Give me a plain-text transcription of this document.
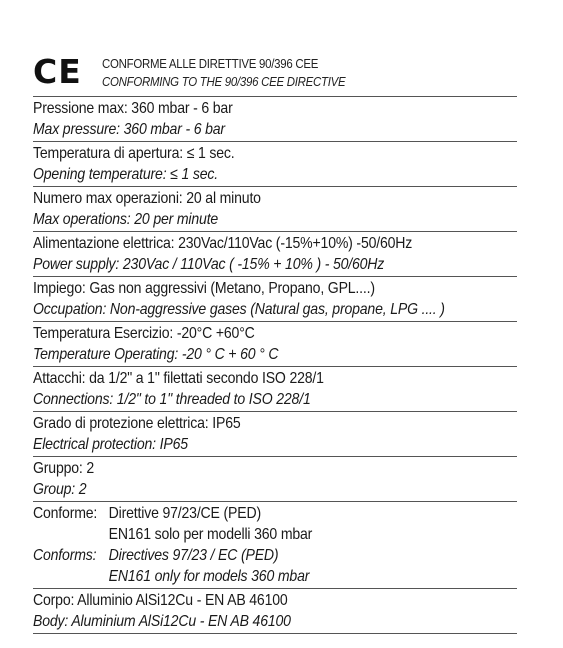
CE CONFORME ALLE DIRETTIVE 90/396 CEE
CONFORMING TO THE 90/396 CEE DIRECTIVE
Pressione max: 360 mbar - 6 bar
Max pressure: 360 mbar - 6 bar
Temperatura di apertura: ≤ 1 sec.
Opening temperature: ≤ 1 sec.
Numero max operazioni: 20 al minuto
Max operations: 20 per minute
Alimentazione elettrica: 230Vac/110Vac (-15%+10%) -50/60Hz
Power supply: 230Vac / 110Vac ( -15% + 10% ) - 50/60Hz
Impiego: Gas non aggressivi (Metano, Propano, GPL....)
Occupation: Non-aggressive gases (Natural gas, propane, LPG .... )
Temperatura Esercizio: -20°C +60°C
Temperature Operating: -20 ° C + 60 ° C
Attacchi: da 1/2" a 1" filettati secondo ISO 228/1
Connections: 1/2" to 1" threaded to ISO 228/1
Grado di protezione elettrica: IP65
Electrical protection: IP65
Gruppo: 2
Group: 2
Conforme: Direttive 97/23/CE (PED)
EN161 solo per modelli 360 mbar
Conforms: Directives 97/23 / EC (PED)
EN161 only for models 360 mbar
Corpo: Alluminio AlSi12Cu - EN AB 46100
Body: Aluminium AlSi12Cu - EN AB 46100
